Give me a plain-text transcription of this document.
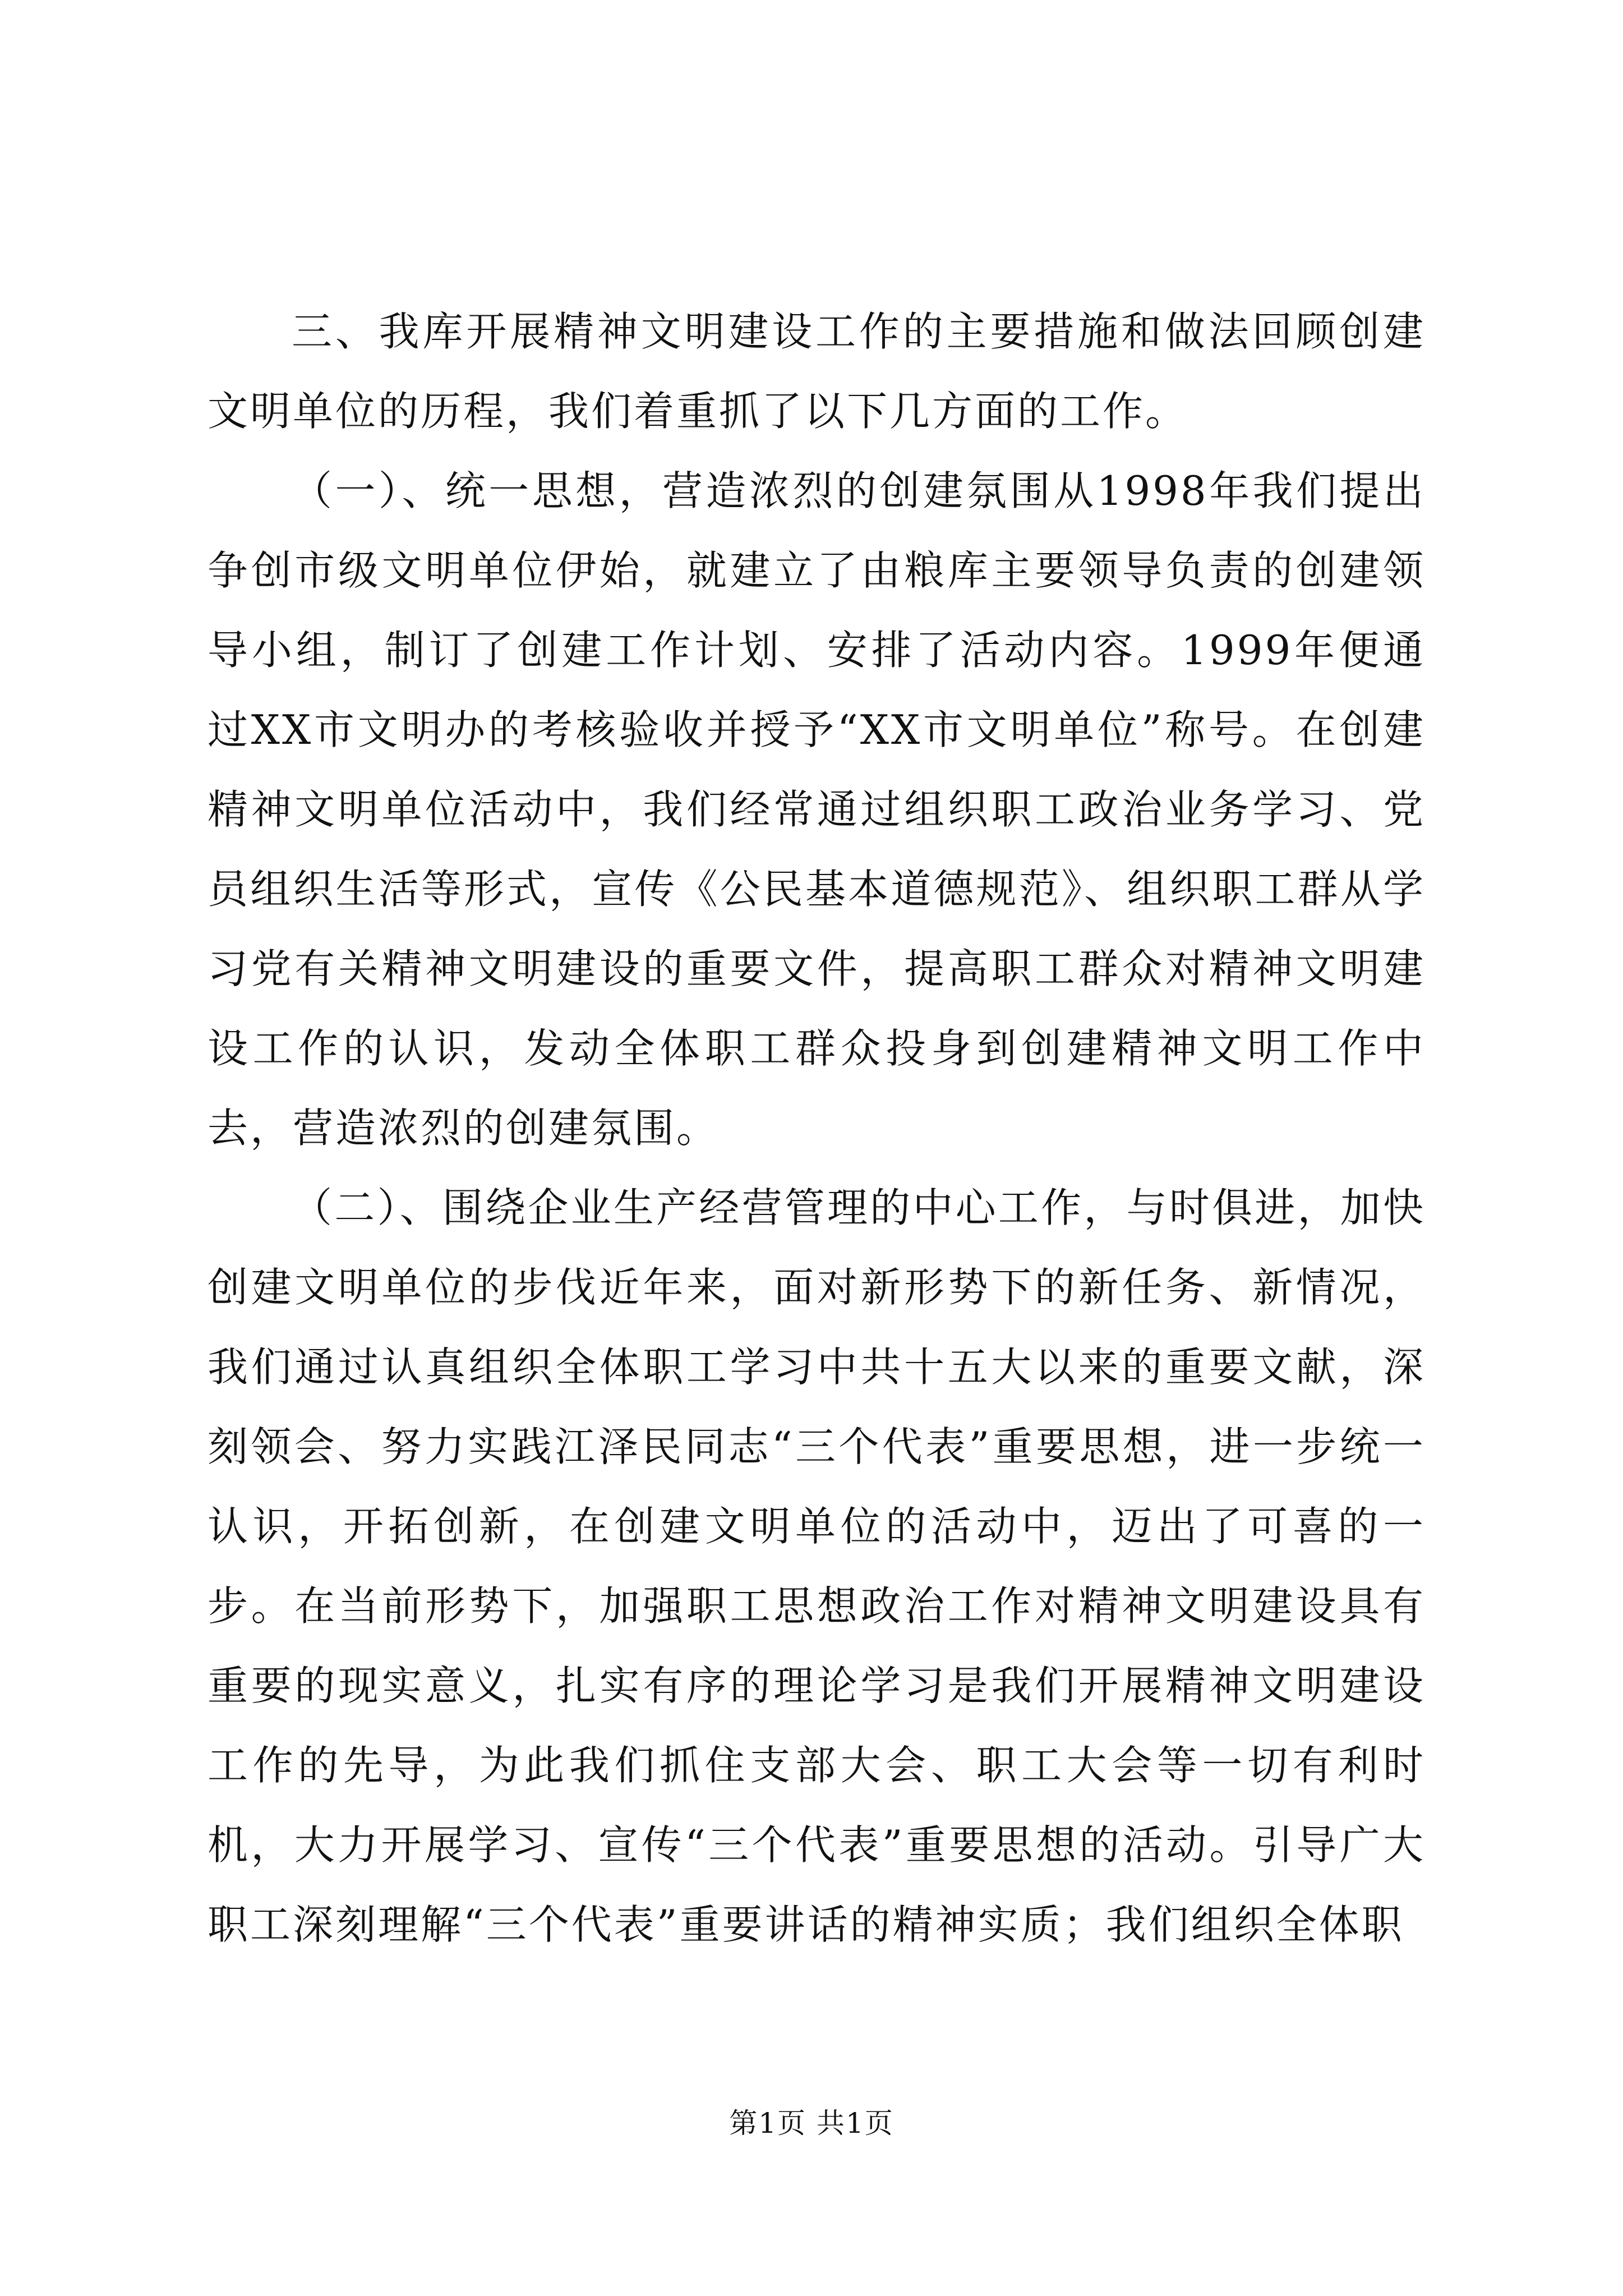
三、我库开展精神文明建设工作的主要措施和做法回顾创建文明单位的历程，我们着重抓了以下几方面的工作。

（一）、统一思想，营造浓烈的创建氛围从1998年我们提出争创市级文明单位伊始，就建立了由粮库主要领导负责的创建领导小组，制订了创建工作计划、安排了活动内容。1999年便通过XX市文明办的考核验收并授予“XX市文明单位”称号。在创建精神文明单位活动中，我们经常通过组织职工政治业务学习、党员组织生活等形式，宣传《公民基本道德规范》、组织职工群从学习党有关精神文明建设的重要文件，提高职工群众对精神文明建设工作的认识，发动全体职工群众投身到创建精神文明工作中去，营造浓烈的创建氛围。

（二）、围绕企业生产经营管理的中心工作，与时俱进，加快创建文明单位的步伐近年来，面对新形势下的新任务、新情况，我们通过认真组织全体职工学习中共十五大以来的重要文献，深刻领会、努力实践江泽民同志“三个代表”重要思想，进一步统一认识，开拓创新，在创建文明单位的活动中，迈出了可喜的一步。在当前形势下，加强职工思想政治工作对精神文明建设具有重要的现实意义，扎实有序的理论学习是我们开展精神文明建设工作的先导，为此我们抓住支部大会、职工大会等一切有利时机，大力开展学习、宣传“三个代表”重要思想的活动。引导广大职工深刻理解“三个代表”重要讲话的精神实质；我们组织全体职

第1页 共1页
